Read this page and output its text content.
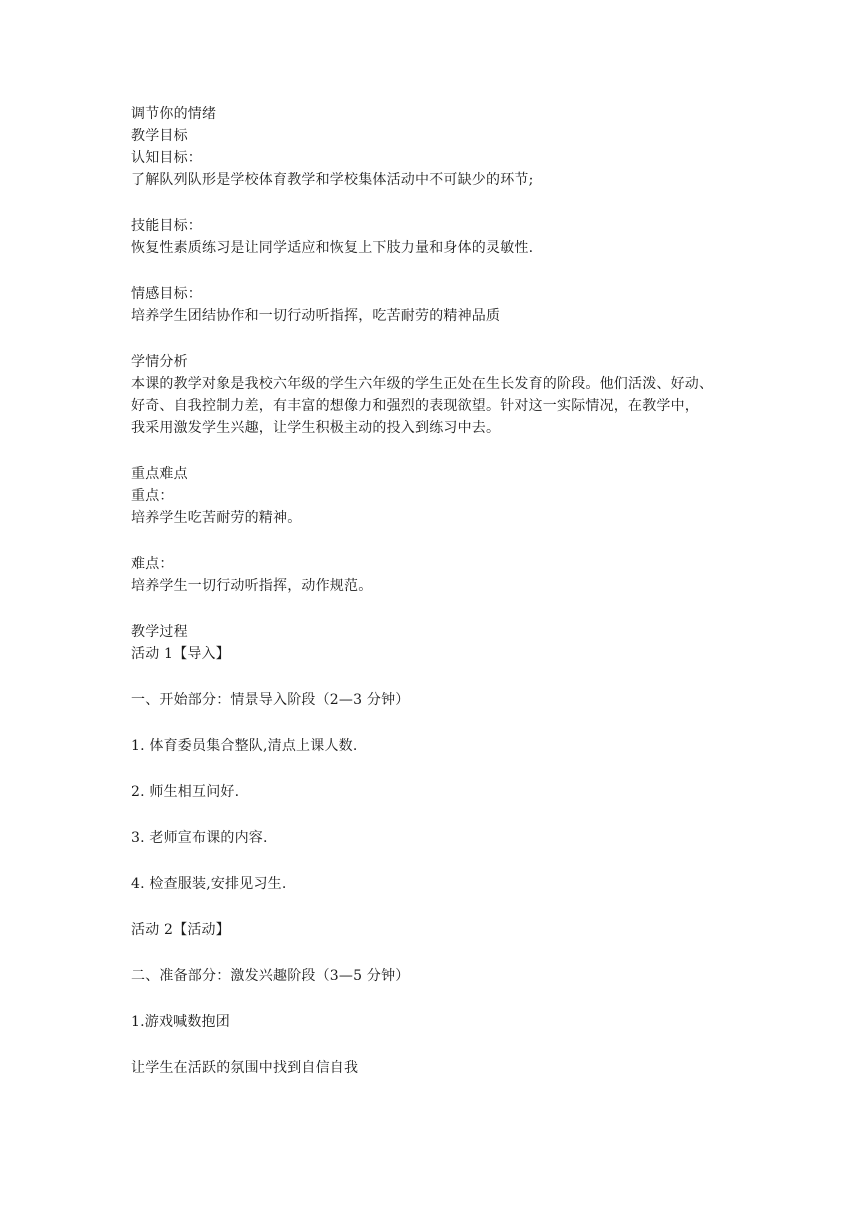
调节你的情绪
教学目标
认知目标：
了解队列队形是学校体育教学和学校集体活动中不可缺少的环节;
技能目标：
恢复性素质练习是让同学适应和恢复上下肢力量和身体的灵敏性.
情感目标：
培养学生团结协作和一切行动听指挥，吃苦耐劳的精神品质
学情分析
本课的教学对象是我校六年级的学生六年级的学生正处在生长发育的阶段。他们活泼、好动、
好奇、自我控制力差，有丰富的想像力和强烈的表现欲望。针对这一实际情况，在教学中，
我采用激发学生兴趣，让学生积极主动的投入到练习中去。
重点难点
重点：
培养学生吃苦耐劳的精神。
难点：
培养学生一切行动听指挥，动作规范。
教学过程
活动 1【导入】
一、开始部分：情景导入阶段（2—3 分钟）
1. 体育委员集合整队,清点上课人数.
2. 师生相互问好.
3. 老师宣布课的内容.
4. 检查服装,安排见习生.
活动 2【活动】
二、准备部分：激发兴趣阶段（3—5 分钟）
1.游戏喊数抱团
让学生在活跃的氛围中找到自信自我
